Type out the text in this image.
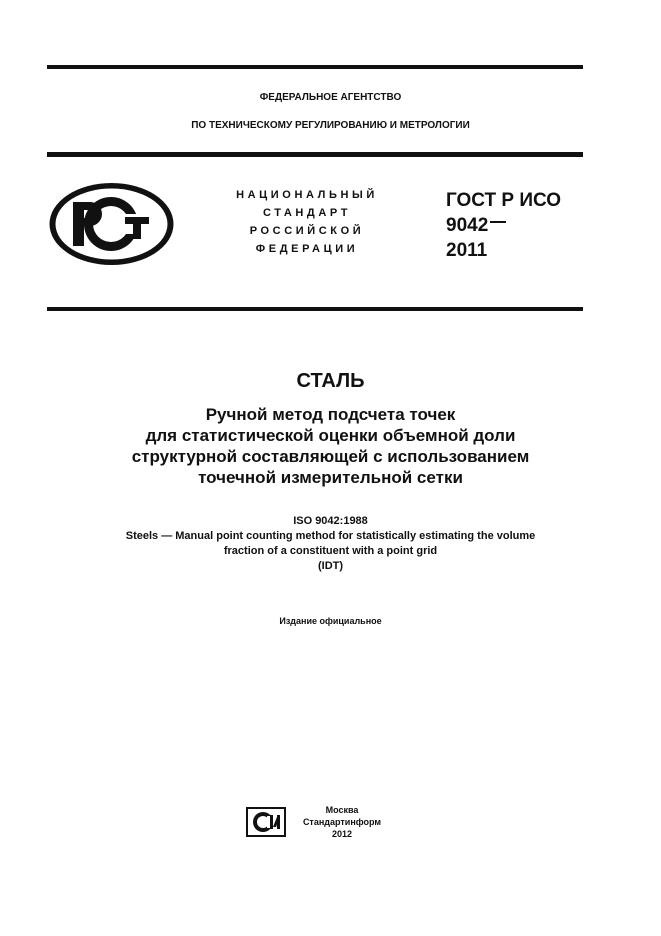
ФЕДЕРАЛЬНОЕ АГЕНТСТВО
ПО ТЕХНИЧЕСКОМУ РЕГУЛИРОВАНИЮ И МЕТРОЛОГИИ
НАЦИОНАЛЬНЫЙ
СТАНДАРТ
РОССИЙСКОЙ
ФЕДЕРАЦИИ
ГОСТ Р ИСО
9042
2011
СТАЛЬ
Ручной метод подсчета точек
для статистической оценки объемной доли
структурной составляющей с использованием
точечной измерительной сетки
ISO 9042:1988
Steels — Manual point counting method for statistically estimating the volume
fraction of a constituent with a point grid
(IDT)
Издание официальное
Москва
Стандартинформ
2012
